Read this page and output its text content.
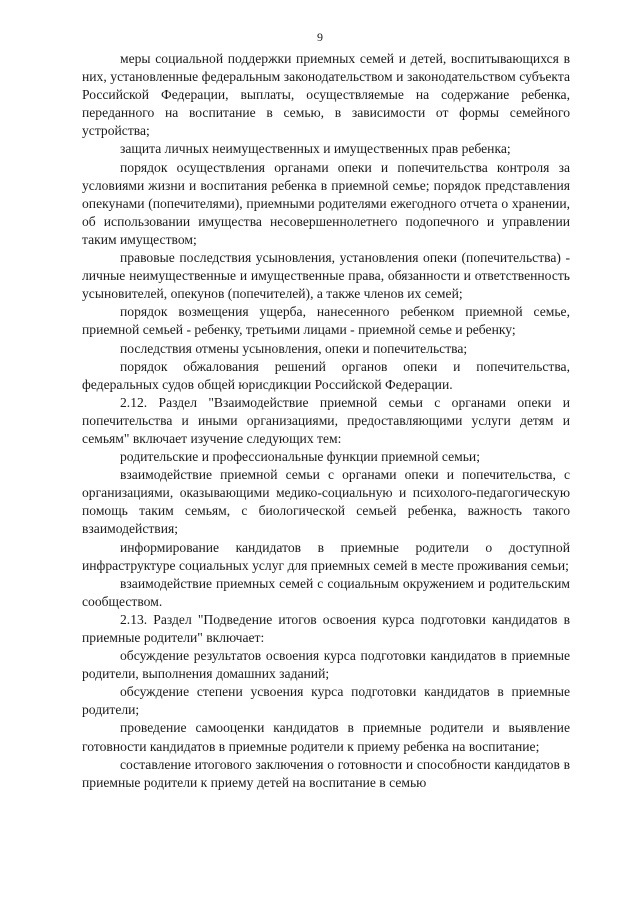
9

меры социальной поддержки приемных семей и детей, воспитывающихся в них, установленные федеральным законодательством и законодательством субъекта Российской Федерации, выплаты, осуществляемые на содержание ребенка, переданного на воспитание в семью, в зависимости от формы семейного устройства;

защита личных неимущественных и имущественных прав ребенка;

порядок осуществления органами опеки и попечительства контроля за условиями жизни и воспитания ребенка в приемной семье; порядок представления опекунами (попечителями), приемными родителями ежегодного отчета о хранении, об использовании имущества несовершеннолетнего подопечного и управлении таким имуществом;

правовые последствия усыновления, установления опеки (попечительства) - личные неимущественные и имущественные права, обязанности и ответственность усыновителей, опекунов (попечителей), а также членов их семей;

порядок возмещения ущерба, нанесенного ребенком приемной семье, приемной семьей - ребенку, третьими лицами - приемной семье и ребенку;

последствия отмены усыновления, опеки и попечительства;

порядок обжалования решений органов опеки и попечительства, федеральных судов общей юрисдикции Российской Федерации.

2.12. Раздел "Взаимодействие приемной семьи с органами опеки и попечительства и иными организациями, предоставляющими услуги детям и семьям" включает изучение следующих тем:

родительские и профессиональные функции приемной семьи;

взаимодействие приемной семьи с органами опеки и попечительства, с организациями, оказывающими медико-социальную и психолого-педагогическую помощь таким семьям, с биологической семьей ребенка, важность такого взаимодействия;

информирование кандидатов в приемные родители о доступной инфраструктуре социальных услуг для приемных семей в месте проживания семьи;

взаимодействие приемных семей с социальным окружением и родительским сообществом.

2.13. Раздел "Подведение итогов освоения курса подготовки кандидатов в приемные родители" включает:

обсуждение результатов освоения курса подготовки кандидатов в приемные родители, выполнения домашних заданий;

обсуждение степени усвоения курса подготовки кандидатов в приемные родители;

проведение самооценки кандидатов в приемные родители и выявление готовности кандидатов в приемные родители к приему ребенка на воспитание;

составление итогового заключения о готовности и способности кандидатов в приемные родители к приему детей на воспитание в семью
